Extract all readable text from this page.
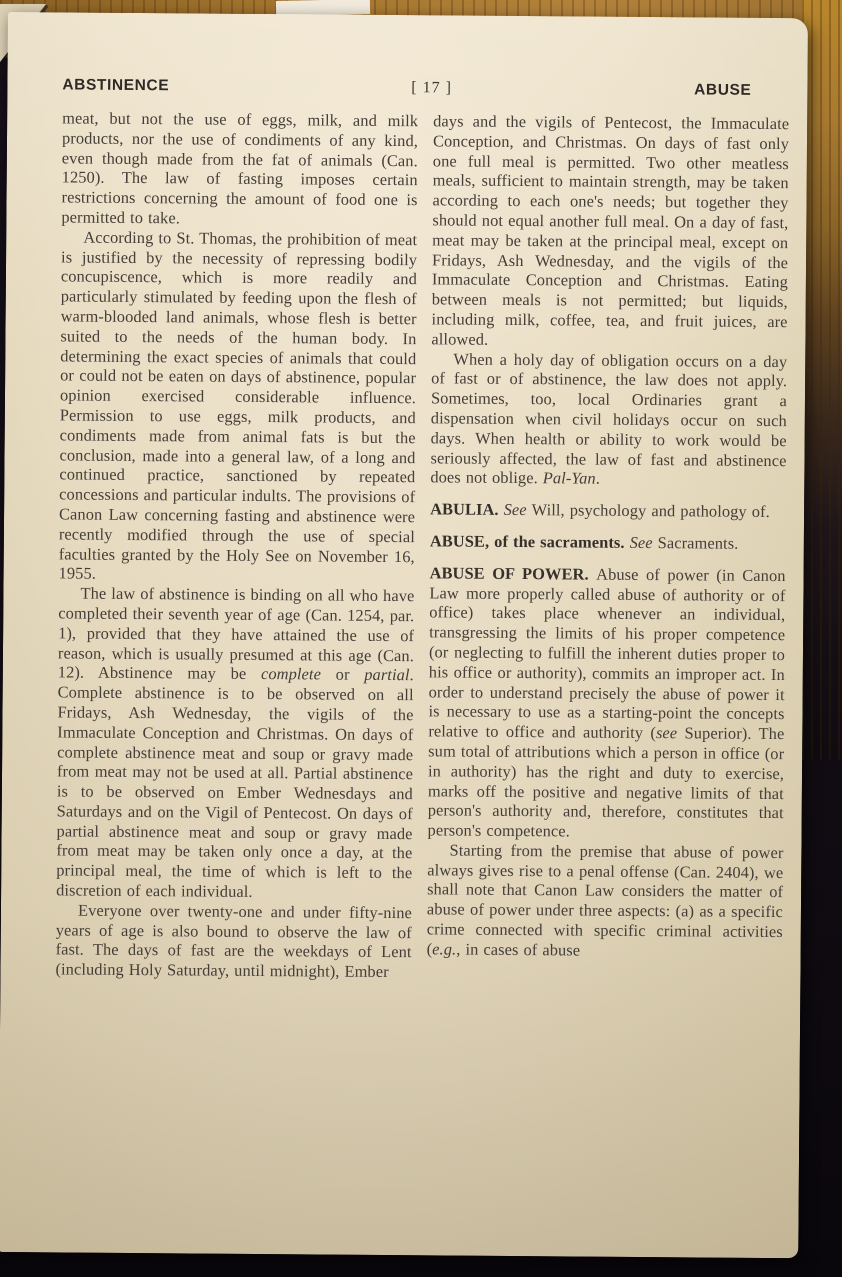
ABSTINENCE	[ 17 ]	ABUSE

meat, but not the use of eggs, milk, and milk products, nor the use of condiments of any kind, even though made from the fat of animals (Can. 1250). The law of fasting imposes certain restrictions concerning the amount of food one is permitted to take.

According to St. Thomas, the prohibition of meat is justified by the necessity of repressing bodily concupiscence, which is more readily and particularly stimulated by feeding upon the flesh of warm-blooded land animals, whose flesh is better suited to the needs of the human body. In determining the exact species of animals that could or could not be eaten on days of abstinence, popular opinion exercised considerable influence. Permission to use eggs, milk products, and condiments made from animal fats is but the conclusion, made into a general law, of a long and continued practice, sanctioned by repeated concessions and particular indults. The provisions of Canon Law concerning fasting and abstinence were recently modified through the use of special faculties granted by the Holy See on November 16, 1955.

The law of abstinence is binding on all who have completed their seventh year of age (Can. 1254, par. 1), provided that they have attained the use of reason, which is usually presumed at this age (Can. 12). Abstinence may be complete or partial. Complete abstinence is to be observed on all Fridays, Ash Wednesday, the vigils of the Immaculate Conception and Christmas. On days of complete abstinence meat and soup or gravy made from meat may not be used at all. Partial abstinence is to be observed on Ember Wednesdays and Saturdays and on the Vigil of Pentecost. On days of partial abstinence meat and soup or gravy made from meat may be taken only once a day, at the principal meal, the time of which is left to the discretion of each individual.

Everyone over twenty-one and under fifty-nine years of age is also bound to observe the law of fast. The days of fast are the weekdays of Lent (including Holy Saturday, until midnight), Ember

days and the vigils of Pentecost, the Immaculate Conception, and Christmas. On days of fast only one full meal is permitted. Two other meatless meals, sufficient to maintain strength, may be taken according to each one's needs; but together they should not equal another full meal. On a day of fast, meat may be taken at the principal meal, except on Fridays, Ash Wednesday, and the vigils of the Immaculate Conception and Christmas. Eating between meals is not permitted; but liquids, including milk, coffee, tea, and fruit juices, are allowed.

When a holy day of obligation occurs on a day of fast or of abstinence, the law does not apply. Sometimes, too, local Ordinaries grant a dispensation when civil holidays occur on such days. When health or ability to work would be seriously affected, the law of fast and abstinence does not oblige. Pal-Yan.

ABULIA. See Will, psychology and pathology of.

ABUSE, of the sacraments. See Sacraments.

ABUSE OF POWER. Abuse of power (in Canon Law more properly called abuse of authority or of office) takes place whenever an individual, transgressing the limits of his proper competence (or neglecting to fulfill the inherent duties proper to his office or authority), commits an improper act. In order to understand precisely the abuse of power it is necessary to use as a starting-point the concepts relative to office and authority (see Superior). The sum total of attributions which a person in office (or in authority) has the right and duty to exercise, marks off the positive and negative limits of that person's authority and, therefore, constitutes that person's competence.

Starting from the premise that abuse of power always gives rise to a penal offense (Can. 2404), we shall note that Canon Law considers the matter of abuse of power under three aspects: (a) as a specific crime connected with specific criminal activities (e.g., in cases of abuse
